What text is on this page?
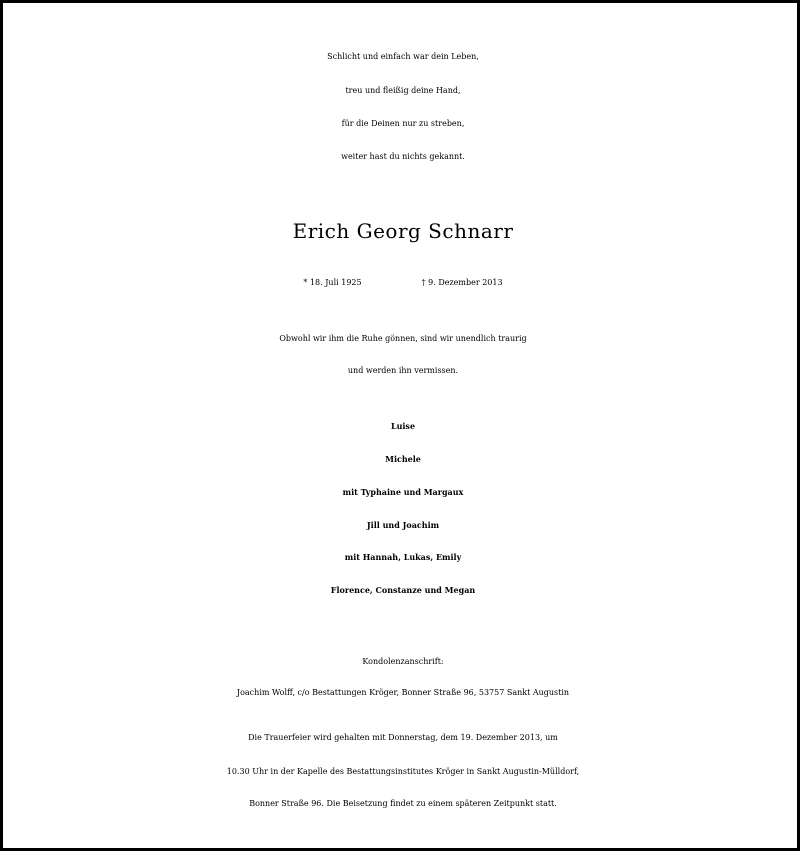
Schlicht und einfach war dein Leben,
treu und fleißig deine Hand,
für die Deinen nur zu streben,
weiter hast du nichts gekannt.
Erich Georg Schnarr
* 18. Juli 1925	† 9. Dezember 2013
Obwohl wir ihm die Ruhe gönnen, sind wir unendlich traurig
und werden ihn vermissen.
Luise
Michele
mit Typhaine und Margaux
Jill und Joachim
mit Hannah, Lukas, Emily
Florence, Constanze und Megan
Kondolenzanschrift:
Joachim Wolff, c/o Bestattungen Kröger, Bonner Straße 96, 53757 Sankt Augustin
Die Trauerfeier wird gehalten mit Donnerstag, dem 19. Dezember 2013, um
10.30 Uhr in der Kapelle des Bestattungsinstitutes Kröger in Sankt Augustin-Mülldorf,
Bonner Straße 96. Die Beisetzung findet zu einem späteren Zeitpunkt statt.
